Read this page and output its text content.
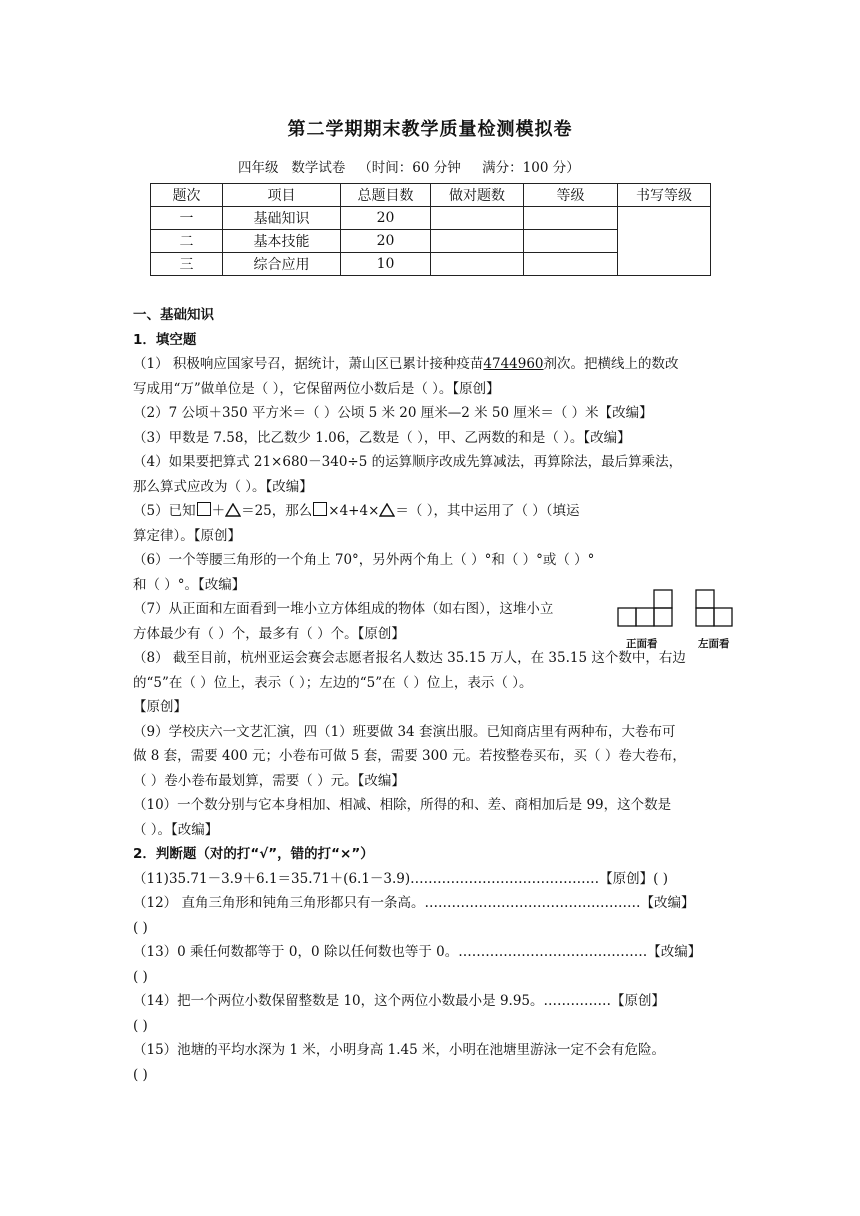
第二学期期末教学质量检测模拟卷
四年级   数学试卷   （时间：60 分钟     满分：100 分）
题次	项目	总题目数	做对题数	等级	书写等级
一	基础知识	20			
二	基本技能	20			
三	综合应用	10			
一、基础知识
1．填空题
（1） 积极响应国家号召，据统计，萧山区已累计接种疫苗4744960剂次。把横线上的数改
写成用“万”做单位是（ ），它保留两位小数后是（ ）。【原创】
（2）7 公顷＋350 平方米＝（ ）公顷 5 米 20 厘米—2 米 50 厘米＝（ ）米【改编】
（3）甲数是 7.58，比乙数少 1.06，乙数是（ ），甲、乙两数的和是（ ）。【改编】
（4）如果要把算式 21×680－340÷5 的运算顺序改成先算减法，再算除法，最后算乘法，
那么算式应改为（ ）。【改编】
（5）已知 ＋ ＝25，那么 ×4+4× ＝（ ），其中运用了（ ）（填运
算定律）。【原创】
（6）一个等腰三角形的一个角上 70°，另外两个角上（ ）°和（ ）°或（ ）°
和（ ）°。【改编】
（7）从正面和左面看到一堆小立方体组成的物体（如右图），这堆小立
方体最少有（ ）个，最多有（ ）个。【原创】
（8） 截至目前，杭州亚运会赛会志愿者报名人数达 35.15 万人，在 35.15 这个数中，右边
的“5”在（ ）位上，表示（ ）；左边的“5”在（ ）位上，表示（ ）。
【原创】
（9）学校庆六一文艺汇演，四（1）班要做 34 套演出服。已知商店里有两种布，大卷布可
做 8 套，需要 400 元；小卷布可做 5 套，需要 300 元。若按整卷买布，买（ ）卷大卷布，
（ ）卷小卷布最划算，需要（ ）元。【改编】
（10）一个数分别与它本身相加、相减、相除，所得的和、差、商相加后是 99，这个数是
（ ）。【改编】
2．判断题（对的打“√”，错的打“×”）
（11)35.71－3.9＋6.1＝35.71＋(6.1－3.9)……………………………………【原创】( )
（12） 直角三角形和钝角三角形都只有一条高。…………………………………………【改编】
( )
（13）0 乘任何数都等于 0，0 除以任何数也等于 0。……………………………………【改编】
( )
（14）把一个两位小数保留整数是 10，这个两位小数最小是 9.95。……………【原创】
( )
（15）池塘的平均水深为 1 米，小明身高 1.45 米，小明在池塘里游泳一定不会有危险。
( )
正面看	左面看
